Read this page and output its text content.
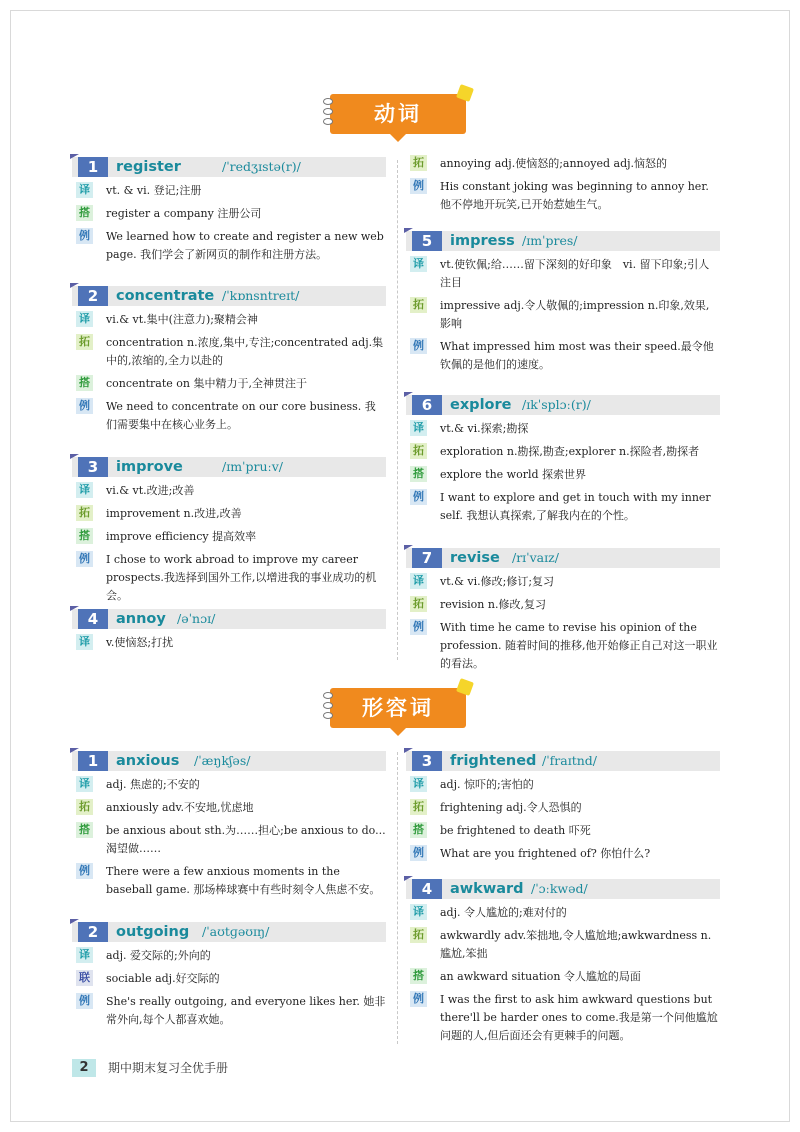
动词
1	register	/ˈredʒɪstə(r)/
译 vt. & vi. 登记;注册
搭 register a company 注册公司
例 We learned how to create and register a new web page. 我们学会了新网页的制作和注册方法。
2	concentrate /ˈkɒnsntreɪt/
译 vi.& vt.集中(注意力);聚精会神
拓 concentration n.浓度,集中,专注;concentrated adj.集中的,浓缩的,全力以赴的
搭 concentrate on 集中精力于,全神贯注于
例 We need to concentrate on our core business. 我们需要集中在核心业务上。
3	improve	/ɪmˈpruːv/
译 vi.& vt.改进;改善
拓 improvement n.改进,改善
搭 improve efficiency 提高效率
例 I chose to work abroad to improve my career prospects.我选择到国外工作,以增进我的事业成功的机会。
4	annoy /əˈnɔɪ/
译 v.使恼怒;打扰
拓 annoying adj.使恼怒的;annoyed adj.恼怒的
例 His constant joking was beginning to annoy her. 他不停地开玩笑,已开始惹她生气。
5	impress /ɪmˈpres/
译 vt.使钦佩;给……留下深刻的好印象　vi. 留下印象;引人注目
拓 impressive adj.令人敬佩的;impression n.印象,效果,影响
例 What impressed him most was their speed.最令他钦佩的是他们的速度。
6	explore /ɪkˈsplɔː(r)/
译 vt.& vi.探索;勘探
拓 exploration n.勘探,勘查;explorer n.探险者,勘探者
搭 explore the world 探索世界
例 I want to explore and get in touch with my inner self. 我想认真探索,了解我内在的个性。
7	revise /rɪˈvaɪz/
译 vt.& vi.修改;修订;复习
拓 revision n.修改,复习
例 With time he came to revise his opinion of the profession. 随着时间的推移,他开始修正自己对这一职业的看法。
形容词
1	anxious /ˈæŋkʃəs/
译 adj. 焦虑的;不安的
拓 anxiously adv.不安地,忧虑地
搭 be anxious about sth.为……担心;be anxious to do... 渴望做……
例 There were a few anxious moments in the baseball game. 那场棒球赛中有些时刻令人焦虑不安。
2	outgoing /ˈaʊtɡəʊɪŋ/
译 adj. 爱交际的;外向的
联 sociable adj.好交际的
例 She's really outgoing, and everyone likes her. 她非常外向,每个人都喜欢她。
3	frightened /ˈfraɪtnd/
译 adj. 惊吓的;害怕的
拓 frightening adj.令人恐惧的
搭 be frightened to death 吓死
例 What are you frightened of? 你怕什么?
4	awkward /ˈɔːkwəd/
译 adj. 令人尴尬的;难对付的
拓 awkwardly adv.笨拙地,令人尴尬地;awkwardness n.尴尬,笨拙
搭 an awkward situation 令人尴尬的局面
例 I was the first to ask him awkward questions but there'll be harder ones to come.我是第一个问他尴尬问题的人,但后面还会有更棘手的问题。
2	期中期末复习全优手册
